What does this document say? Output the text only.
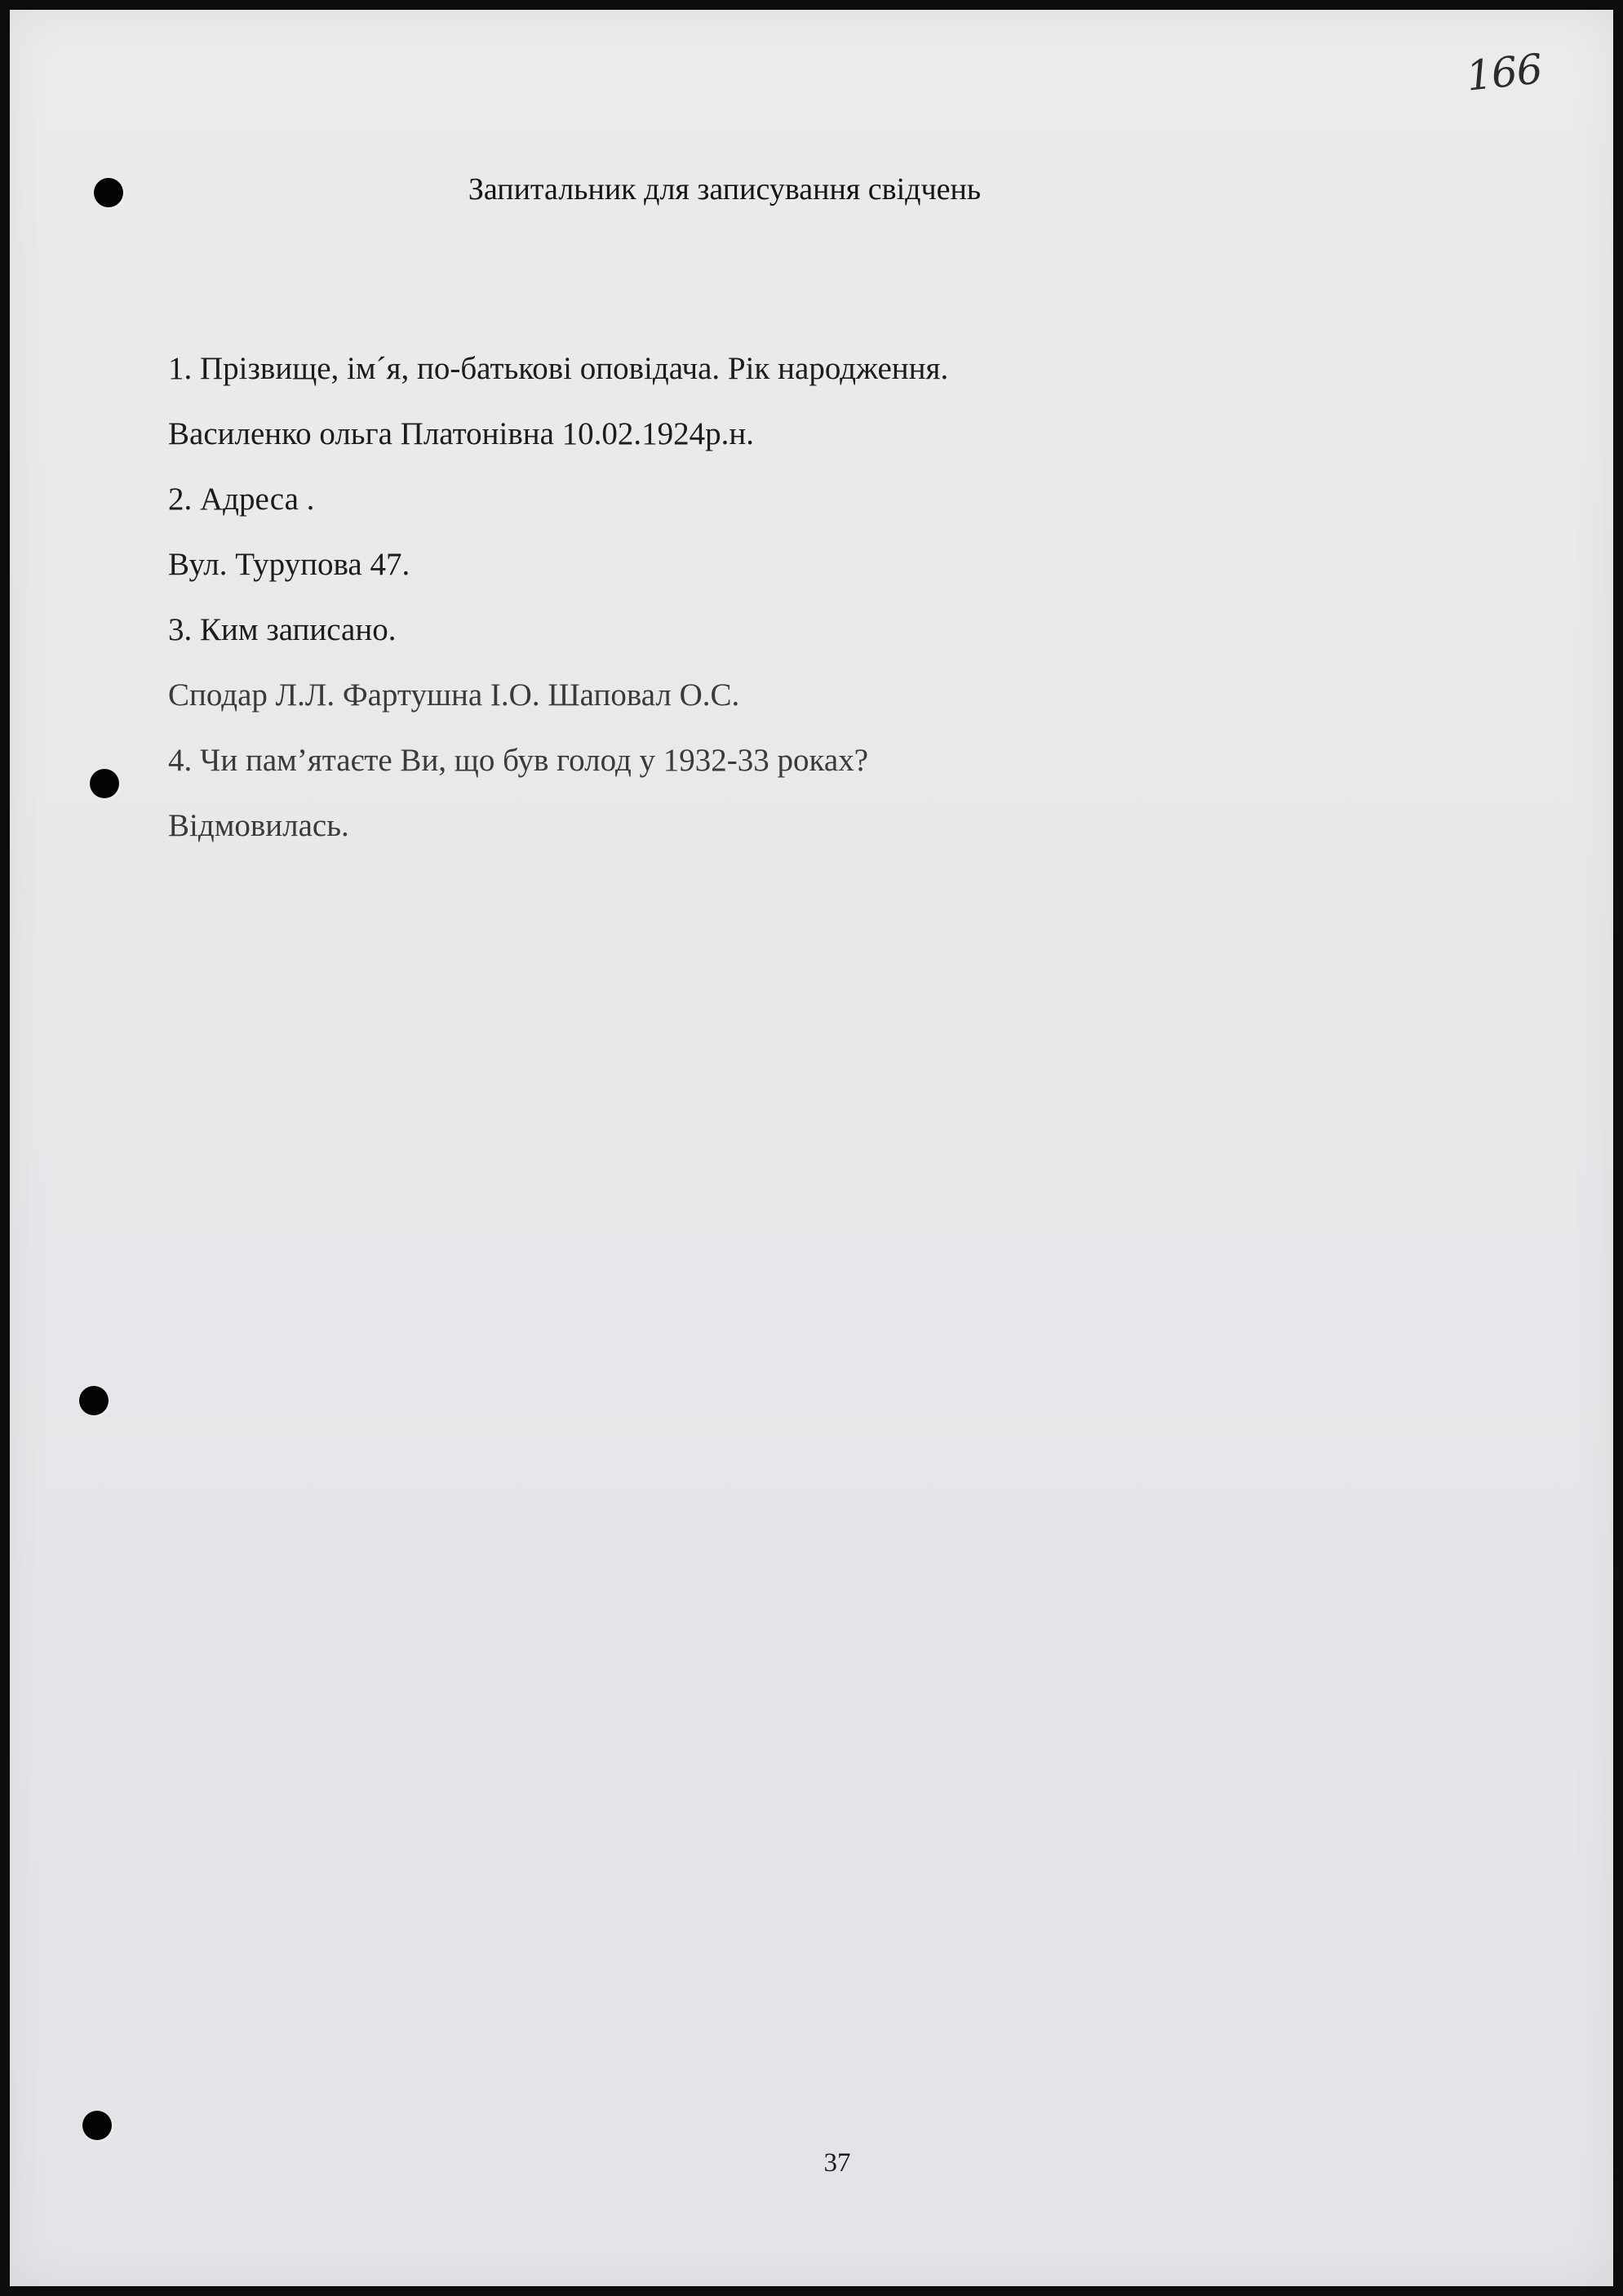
166
Запитальник для записування свідчень
1. Прізвище, ім´я, по-батькові оповідача. Рік народження.
Василенко ольга Платонівна 10.02.1924р.н.
2. Адреса .
Вул. Турупова 47.
3. Ким записано.
Сподар Л.Л. Фартушна І.О. Шаповал О.С.
4. Чи пам’ятаєте Ви, що був голод у 1932-33 роках?
Відмовилась.
37
